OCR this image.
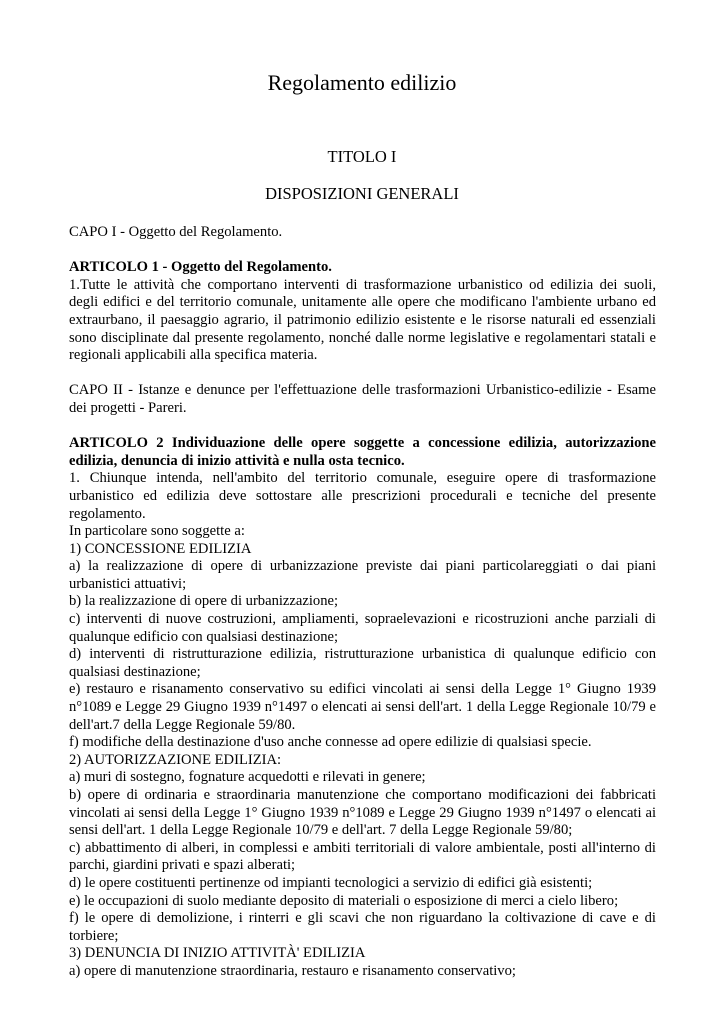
Regolamento edilizio
TITOLO I
DISPOSIZIONI GENERALI
CAPO I - Oggetto del Regolamento.
ARTICOLO 1 - Oggetto del Regolamento.
1.Tutte le attività che comportano interventi di trasformazione urbanistico od edilizia dei suoli,
degli edifici e del territorio comunale, unitamente alle opere che modificano l'ambiente urbano ed
extraurbano, il paesaggio agrario, il patrimonio edilizio esistente e le risorse naturali ed essenziali
sono disciplinate dal presente regolamento, nonché dalle norme legislative e regolamentari statali e
regionali applicabili alla specifica materia.
CAPO II - Istanze e denunce per l'effettuazione delle trasformazioni Urbanistico-edilizie - Esame
dei progetti - Pareri.
ARTICOLO 2 Individuazione delle opere soggette a concessione edilizia, autorizzazione
edilizia, denuncia di inizio attività e nulla osta tecnico.
1. Chiunque intenda, nell'ambito del territorio comunale, eseguire opere di trasformazione
urbanistico ed edilizia deve sottostare alle prescrizioni procedurali e tecniche del presente
regolamento.
In particolare sono soggette a:
1) CONCESSIONE EDILIZIA
a) la realizzazione di opere di urbanizzazione previste dai piani particolareggiati o dai piani
urbanistici attuativi;
b) la realizzazione di opere di urbanizzazione;
c) interventi di nuove costruzioni, ampliamenti, sopraelevazioni e ricostruzioni anche parziali di
qualunque edificio con qualsiasi destinazione;
d) interventi di ristrutturazione edilizia, ristrutturazione urbanistica di qualunque edificio con
qualsiasi destinazione;
e) restauro e risanamento conservativo su edifici vincolati ai sensi della Legge 1° Giugno 1939
n°1089 e Legge 29 Giugno 1939 n°1497 o elencati ai sensi dell'art. 1 della Legge Regionale 10/79 e
dell'art.7 della Legge Regionale 59/80.
f) modifiche della destinazione d'uso anche connesse ad opere edilizie di qualsiasi specie.
2) AUTORIZZAZIONE EDILIZIA:
a) muri di sostegno, fognature acquedotti e rilevati in genere;
b) opere di ordinaria e straordinaria manutenzione che comportano modificazioni dei fabbricati
vincolati ai sensi della Legge 1° Giugno 1939 n°1089 e Legge 29 Giugno 1939 n°1497 o elencati ai
sensi dell'art. 1 della Legge Regionale 10/79 e dell'art. 7 della Legge Regionale 59/80;
c) abbattimento di alberi, in complessi e ambiti territoriali di valore ambientale, posti all'interno di
parchi, giardini privati e spazi alberati;
d) le opere costituenti pertinenze od impianti tecnologici a servizio di edifici già esistenti;
e) le occupazioni di suolo mediante deposito di materiali o esposizione di merci a cielo libero;
f) le opere di demolizione, i rinterri e gli scavi che non riguardano la coltivazione di cave e di
torbiere;
3) DENUNCIA DI INIZIO ATTIVITÀ' EDILIZIA
a) opere di manutenzione straordinaria, restauro e risanamento conservativo;
